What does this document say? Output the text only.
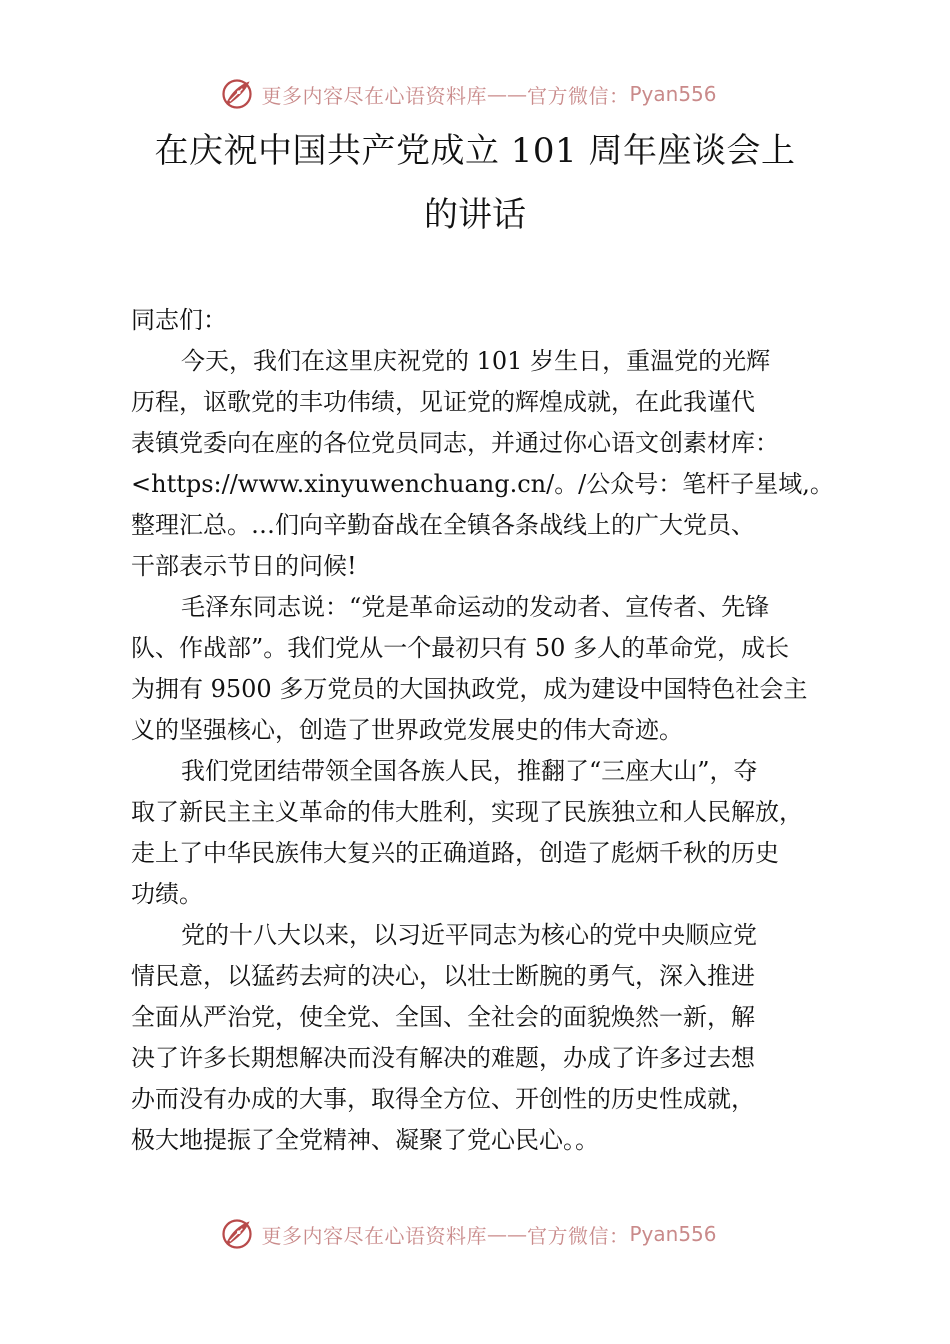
更多内容尽在心语资料库 —— 官方微信： Pyan556
在庆祝中国共产党成立 101 周年座谈会上
的讲话
同志们：
今天，我们在这里庆祝党的 101 岁生日，重温党的光辉
历程，讴歌党的丰功伟绩，见证党的辉煌成就，在此我谨代
表镇党委向在座的各位党员同志，并通过你心语文创素材库：
<https://www.xinyuwenchuang.cn/。/公众号：笔杆子星域,。
整理汇总。…们向辛勤奋战在全镇各条战线上的广大党员、
干部表示节日的问候!
毛泽东同志说：“党是革命运动的发动者、宣传者、先锋
队、作战部”。我们党从一个最初只有 50 多人的革命党，成长
为拥有 9500 多万党员的大国执政党，成为建设中国特色社会主
义的坚强核心，创造了世界政党发展史的伟大奇迹。
我们党团结带领全国各族人民，推翻了“三座大山”，夺
取了新民主主义革命的伟大胜利，实现了民族独立和人民解放，
走上了中华民族伟大复兴的正确道路，创造了彪炳千秋的历史
功绩。
党的十八大以来，以习近平同志为核心的党中央顺应党
情民意，以猛药去疴的决心，以壮士断腕的勇气，深入推进
全面从严治党，使全党、全国、全社会的面貌焕然一新，解
决了许多长期想解决而没有解决的难题，办成了许多过去想
办而没有办成的大事，取得全方位、开创性的历史性成就，
极大地提振了全党精神、凝聚了党心民心。。
更多内容尽在心语资料库 —— 官方微信： Pyan556
